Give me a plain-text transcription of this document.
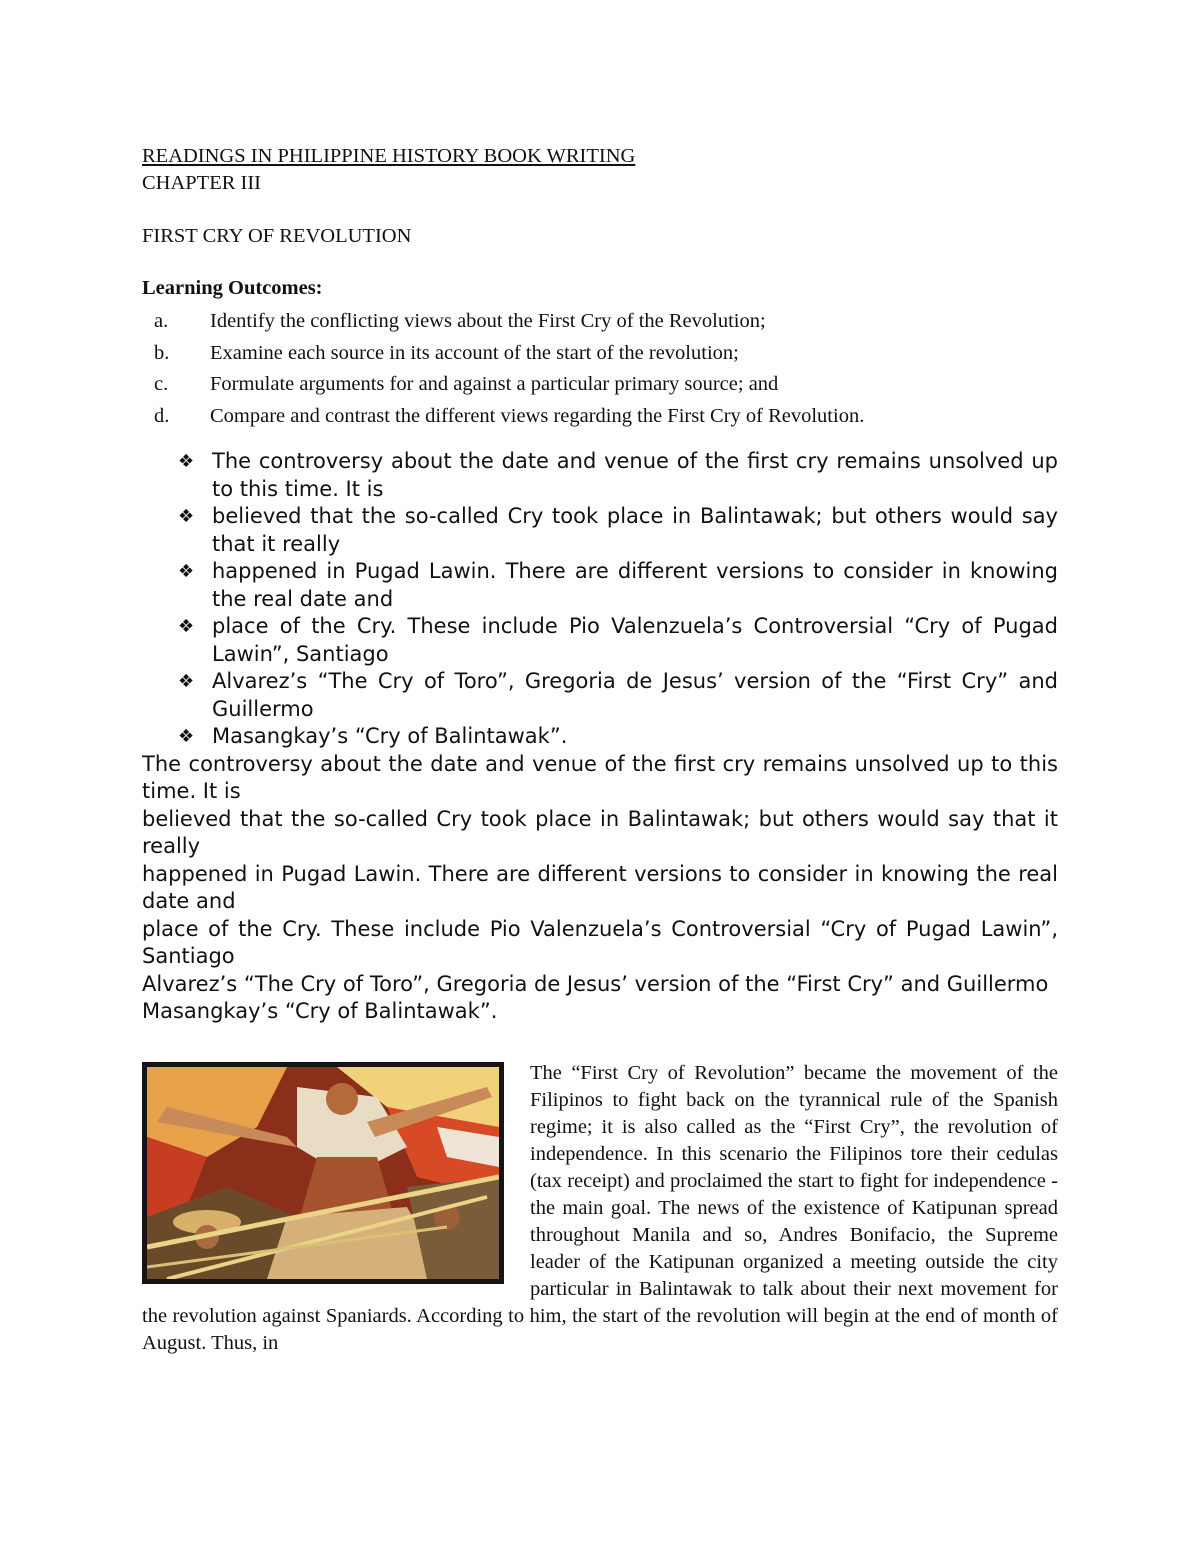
READINGS IN PHILIPPINE HISTORY BOOK WRITING

CHAPTER III

FIRST CRY OF REVOLUTION

Learning Outcomes:

a. Identify the conflicting views about the First Cry of the Revolution;
b. Examine each source in its account of the start of the revolution;
c. Formulate arguments for and against a particular primary source; and
d. Compare and contrast the different views regarding the First Cry of Revolution.
❖ The controversy about the date and venue of the first cry remains unsolved up to this time. It is
❖ believed that the so-called Cry took place in Balintawak; but others would say that it really
❖ happened in Pugad Lawin. There are different versions to consider in knowing the real date and
❖ place of the Cry. These include Pio Valenzuela’s Controversial “Cry of Pugad Lawin”, Santiago
❖ Alvarez’s “The Cry of Toro”, Gregoria de Jesus’ version of the “First Cry” and Guillermo
❖ Masangkay’s “Cry of Balintawak”.

The controversy about the date and venue of the first cry remains unsolved up to this time. It is

believed that the so-called Cry took place in Balintawak; but others would say that it really

happened in Pugad Lawin. There are different versions to consider in knowing the real date and

place of the Cry. These include Pio Valenzuela’s Controversial “Cry of Pugad Lawin”, Santiago

Alvarez’s “The Cry of Toro”, Gregoria de Jesus’ version of the “First Cry” and Guillermo

Masangkay’s “Cry of Balintawak”.

The “First Cry of Revolution” became the movement of the Filipinos to fight back on the tyrannical rule of the Spanish regime; it is also called as the “First Cry”, the revolution of independence. In this scenario the Filipinos tore their cedulas (tax receipt) and proclaimed the start to fight for independence -the main goal. The news of the existence of Katipunan spread throughout Manila and so, Andres Bonifacio, the Supreme leader of the Katipunan organized a meeting outside the city particular in Balintawak to talk about their next movement for the revolution against Spaniards. According to him, the start of the revolution will begin at the end of month of August. Thus, in
